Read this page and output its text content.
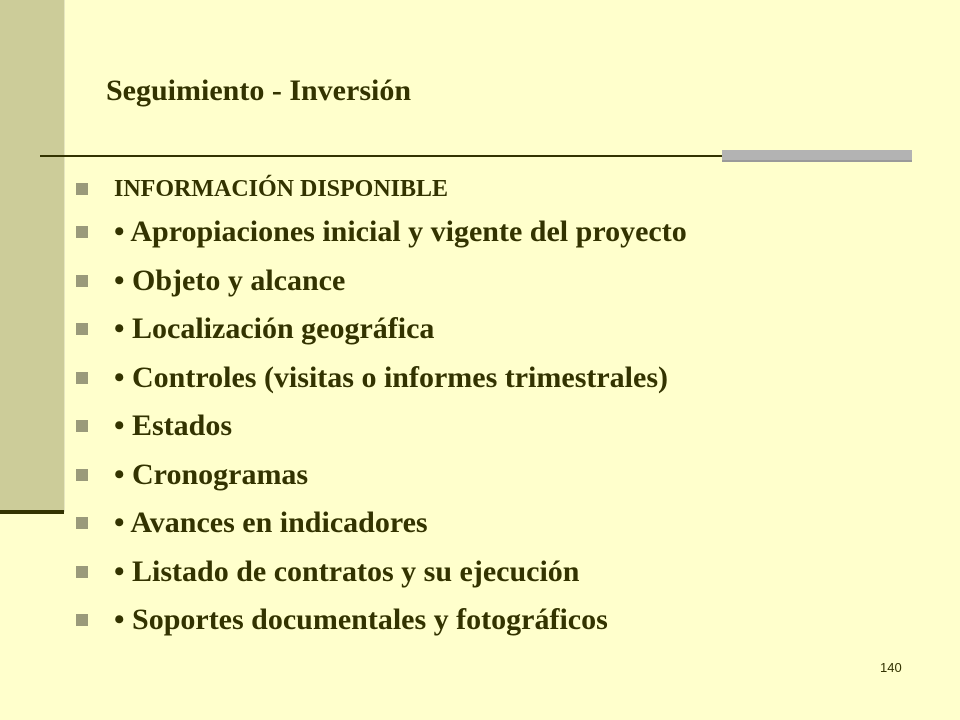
Seguimiento - Inversión
INFORMACIÓN DISPONIBLE
• Apropiaciones inicial y vigente del proyecto
• Objeto y alcance
• Localización geográfica
• Controles (visitas o informes trimestrales)
• Estados
• Cronogramas
• Avances en indicadores
• Listado de contratos y su ejecución
• Soportes documentales y fotográficos
140
